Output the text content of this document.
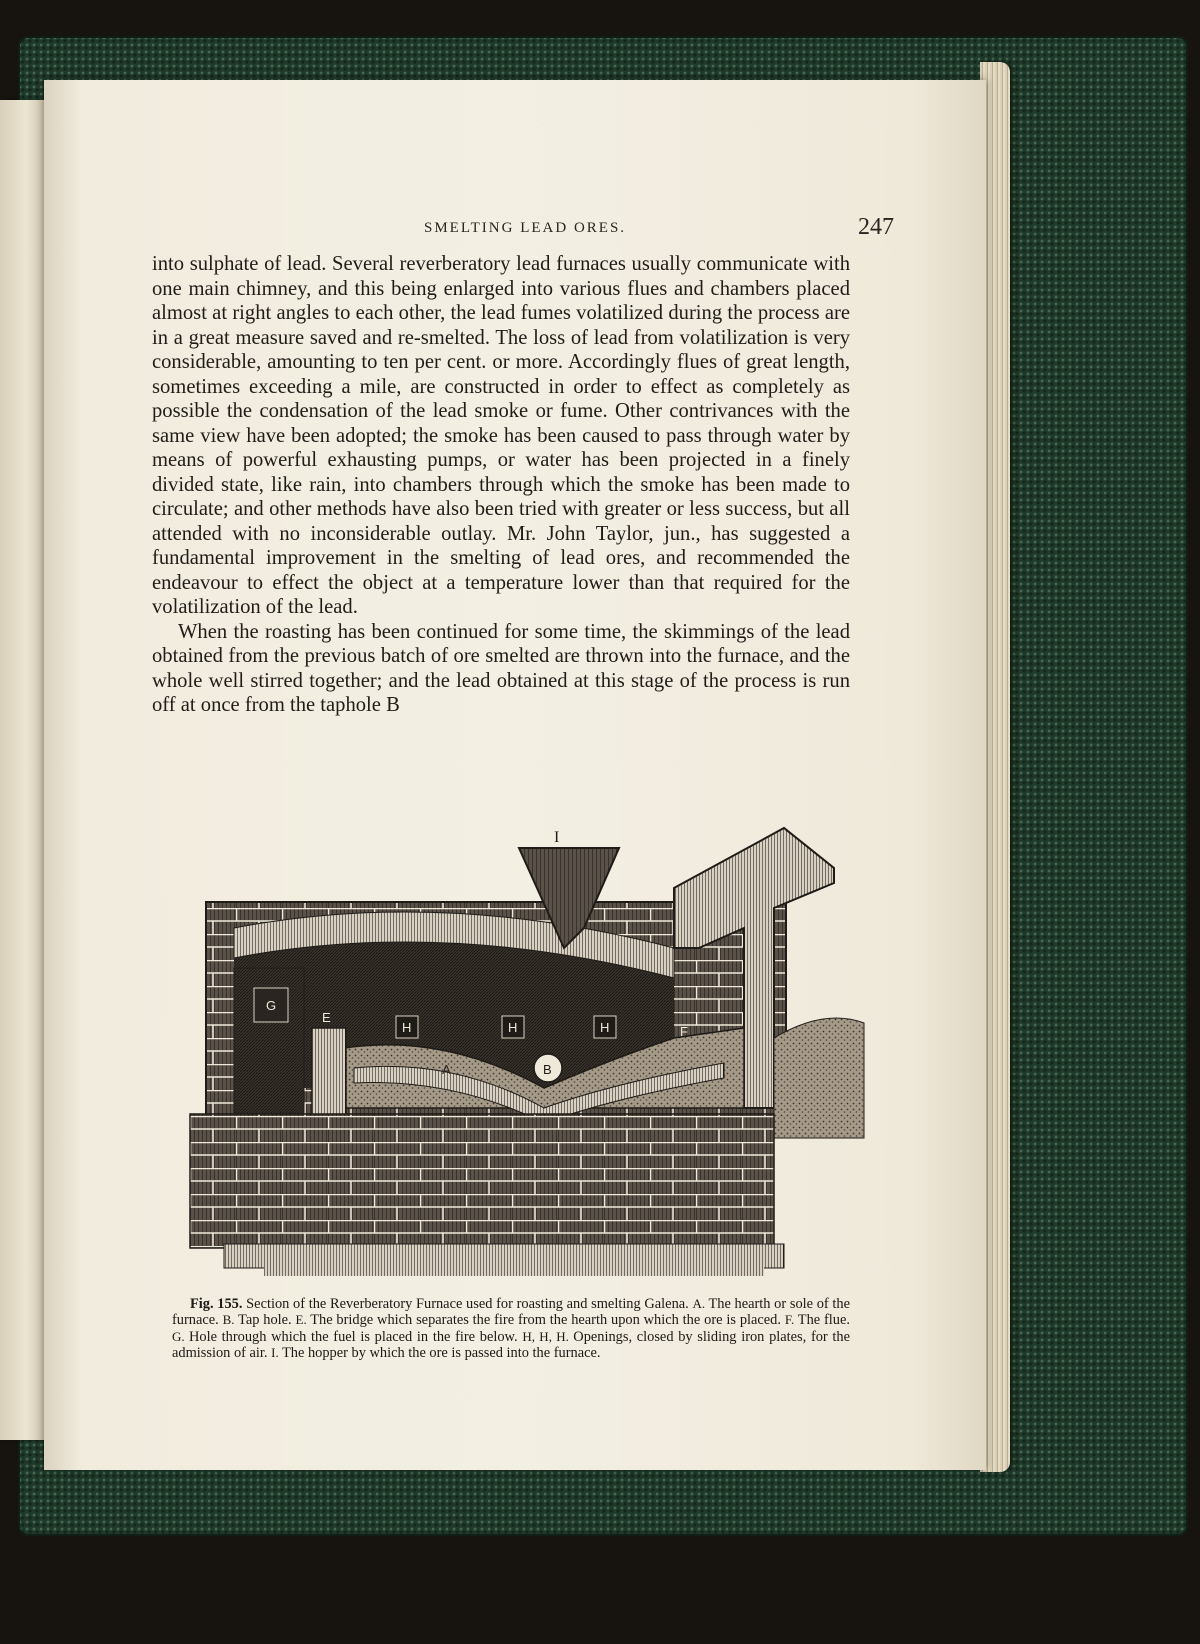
SMELTING LEAD ORES.	247

into sulphate of lead. Several reverberatory lead furnaces usually communicate with one main chimney, and this being enlarged into various flues and chambers placed almost at right angles to each other, the lead fumes volatilized during the process are in a great measure saved and re-smelted. The loss of lead from volatilization is very considerable, amounting to ten per cent. or more. Accordingly flues of great length, sometimes exceeding a mile, are constructed in order to effect as completely as possible the condensation of the lead smoke or fume. Other contrivances with the same view have been adopted; the smoke has been caused to pass through water by means of powerful exhausting pumps, or water has been projected in a finely divided state, like rain, into chambers through which the smoke has been made to circulate; and other methods have also been tried with greater or less success, but all attended with no inconsiderable outlay. Mr. John Taylor, jun., has suggested a fundamental improvement in the smelting of lead ores, and recommended the endeavour to effect the object at a temperature lower than that required for the volatilization of the lead.

When the roasting has been continued for some time, the skimmings of the lead obtained from the previous batch of ore smelted are thrown into the furnace, and the whole well stirred together; and the lead obtained at this stage of the process is run off at once from the taphole B

I
G
E
H	H	H	F
A	B

Fig. 155. Section of the Reverberatory Furnace used for roasting and smelting Galena. A. The hearth or sole of the furnace. B. Tap hole. E. The bridge which separates the fire from the hearth upon which the ore is placed. F. The flue. G. Hole through which the fuel is placed in the fire below. H, H, H. Openings, closed by sliding iron plates, for the admission of air. I. The hopper by which the ore is passed into the furnace.
